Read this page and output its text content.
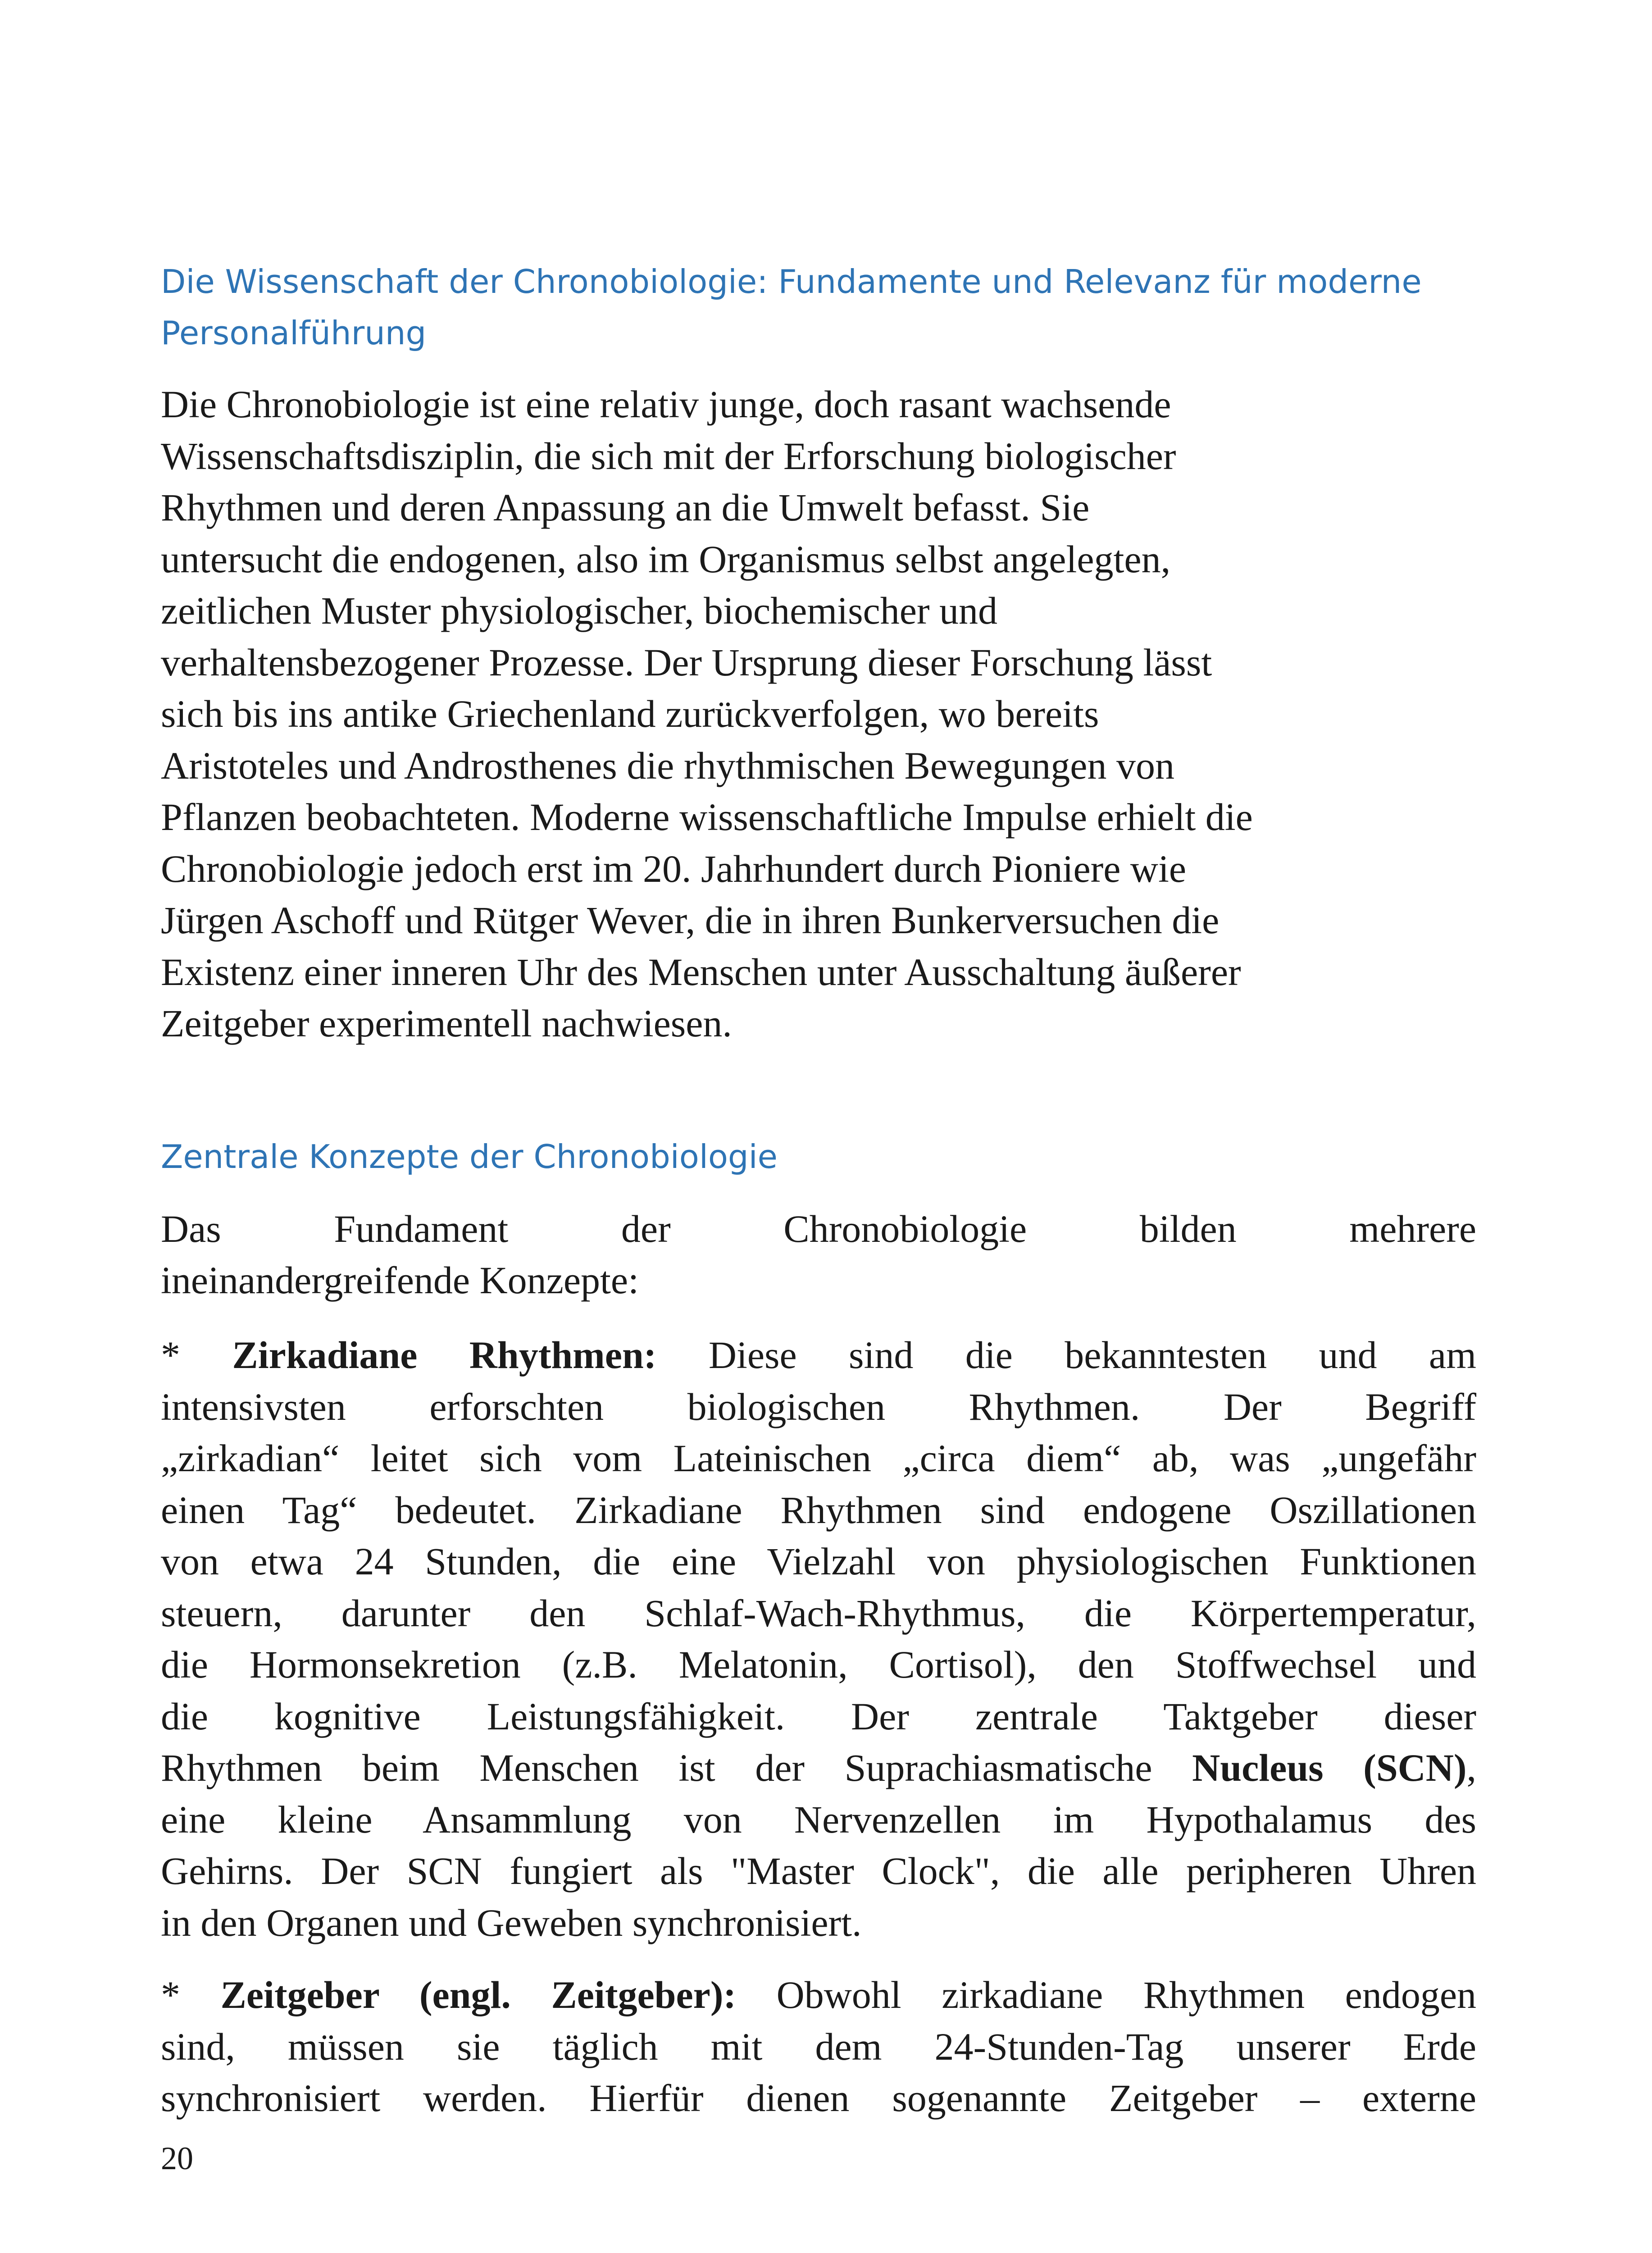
Die Wissenschaft der Chronobiologie: Fundamente und Relevanz für moderne
Personalführung
Die Chronobiologie ist eine relativ junge, doch rasant wachsende
Wissenschaftsdisziplin, die sich mit der Erforschung biologischer
Rhythmen und deren Anpassung an die Umwelt befasst. Sie
untersucht die endogenen, also im Organismus selbst angelegten,
zeitlichen Muster physiologischer, biochemischer und
verhaltensbezogener Prozesse. Der Ursprung dieser Forschung lässt
sich bis ins antike Griechenland zurückverfolgen, wo bereits
Aristoteles und Androsthenes die rhythmischen Bewegungen von
Pflanzen beobachteten. Moderne wissenschaftliche Impulse erhielt die
Chronobiologie jedoch erst im 20. Jahrhundert durch Pioniere wie
Jürgen Aschoff und Rütger Wever, die in ihren Bunkerversuchen die
Existenz einer inneren Uhr des Menschen unter Ausschaltung äußerer
Zeitgeber experimentell nachwiesen.
Zentrale Konzepte der Chronobiologie
Das Fundament der Chronobiologie bilden mehrere
ineinandergreifende Konzepte:
* Zirkadiane Rhythmen: Diese sind die bekanntesten und am
intensivsten erforschten biologischen Rhythmen. Der Begriff
„zirkadian“ leitet sich vom Lateinischen „circa diem“ ab, was „ungefähr
einen Tag“ bedeutet. Zirkadiane Rhythmen sind endogene Oszillationen
von etwa 24 Stunden, die eine Vielzahl von physiologischen Funktionen
steuern, darunter den Schlaf-Wach-Rhythmus, die Körpertemperatur,
die Hormonsekretion (z.B. Melatonin, Cortisol), den Stoffwechsel und
die kognitive Leistungsfähigkeit. Der zentrale Taktgeber dieser
Rhythmen beim Menschen ist der Suprachiasmatische Nucleus (SCN),
eine kleine Ansammlung von Nervenzellen im Hypothalamus des
Gehirns. Der SCN fungiert als "Master Clock", die alle peripheren Uhren
in den Organen und Geweben synchronisiert.
* Zeitgeber (engl. Zeitgeber): Obwohl zirkadiane Rhythmen endogen
sind, müssen sie täglich mit dem 24-Stunden-Tag unserer Erde
synchronisiert werden. Hierfür dienen sogenannte Zeitgeber – externe
20
